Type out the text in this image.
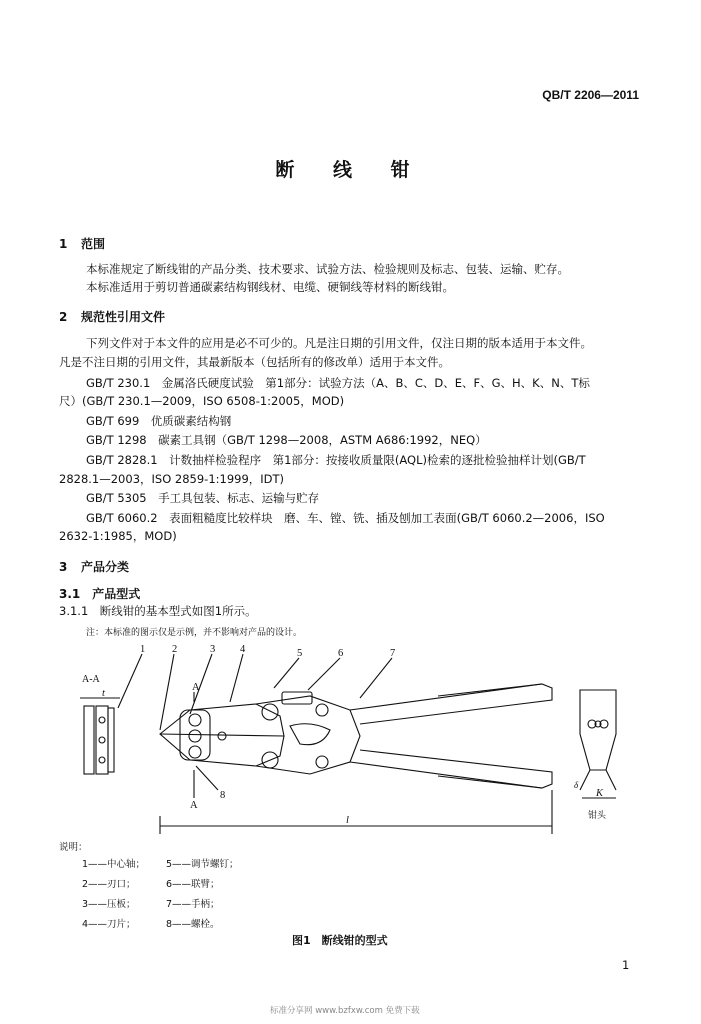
QB/T 2206—2011
断 线 钳
1 范围
本标准规定了断线钳的产品分类、技术要求、试验方法、检验规则及标志、包装、运输、贮存。
本标准适用于剪切普通碳素结构钢线材、电缆、硬铜线等材料的断线钳。
2 规范性引用文件
下列文件对于本文件的应用是必不可少的。凡是注日期的引用文件，仅注日期的版本适用于本文件。
凡是不注日期的引用文件，其最新版本（包括所有的修改单）适用于本文件。
GB/T 230.1　金属洛氏硬度试验　第1部分：试验方法（A、B、C、D、E、F、G、H、K、N、T标
尺）(GB/T 230.1—2009，ISO 6508-1:2005，MOD)
GB/T 699　优质碳素结构钢
GB/T 1298　碳素工具钢（GB/T 1298—2008，ASTM A686:1992，NEQ）
GB/T 2828.1　计数抽样检验程序　第1部分：按接收质量限(AQL)检索的逐批检验抽样计划(GB/T
2828.1—2003，ISO 2859-1:1999，IDT)
GB/T 5305　手工具包装、标志、运输与贮存
GB/T 6060.2　表面粗糙度比较样块　磨、车、镗、铣、插及刨加工表面(GB/T 6060.2—2006，ISO
2632-1:1985，MOD)
3 产品分类
3.1　产品型式
3.1.1　断线钳的基本型式如图1所示。
注：本标准的图示仅是示例，并不影响对产品的设计。
1	2	3 4	5	6	7
8
A-A
t
A
A
l
δ
K
钳头
说明：
1——中心轴； 5——调节螺钉；
2——刃口；	6——联臂；
3——压板；	7——手柄；
4——刀片；	8——螺栓。
图1　断线钳的型式
1
标准分享网 www.bzfxw.com 免费下载
